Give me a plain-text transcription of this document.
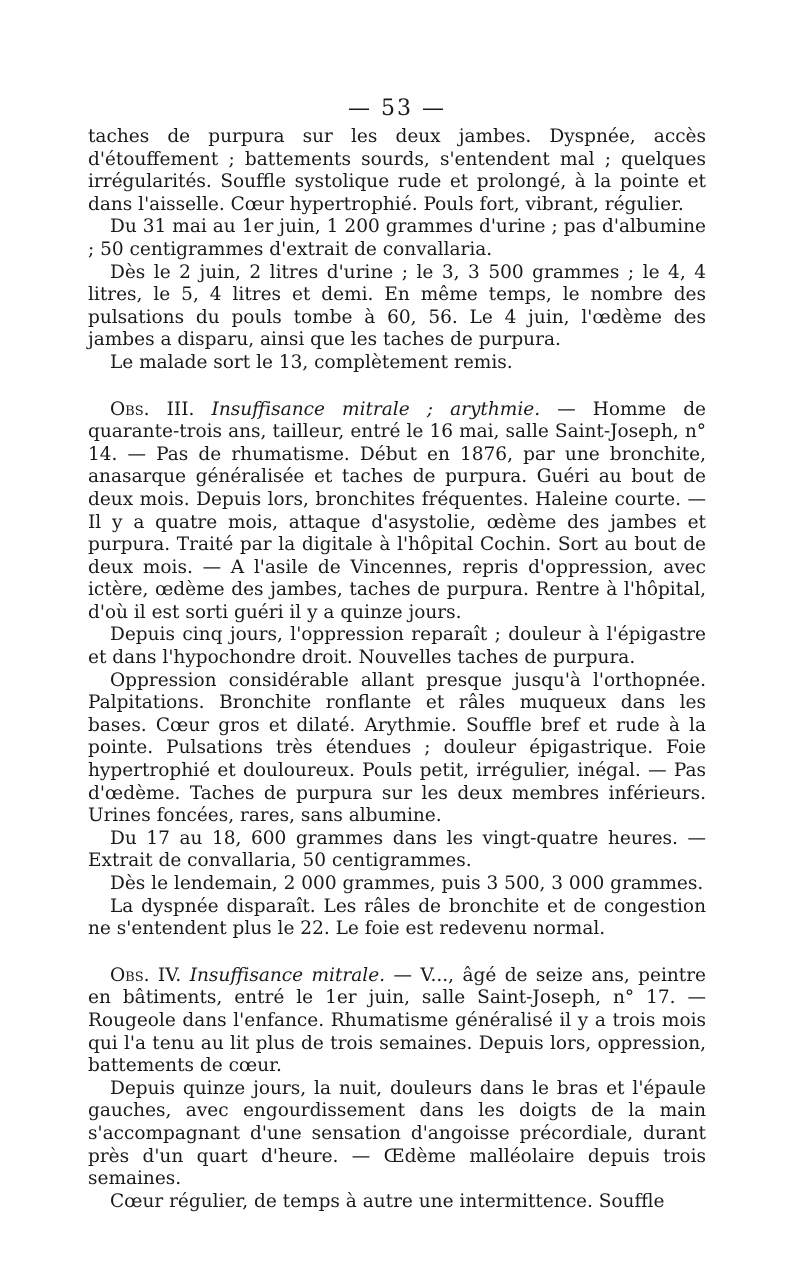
— 53 —

taches de purpura sur les deux jambes. Dyspnée, accès d'étouffement ; battements sourds, s'entendent mal ; quelques irrégularités. Souffle systolique rude et prolongé, à la pointe et dans l'aisselle. Cœur hypertrophié. Pouls fort, vibrant, régulier.

Du 31 mai au 1er juin, 1 200 grammes d'urine ; pas d'albumine ; 50 centigrammes d'extrait de convallaria.

Dès le 2 juin, 2 litres d'urine ; le 3, 3 500 grammes ; le 4, 4 litres, le 5, 4 litres et demi. En même temps, le nombre des pulsations du pouls tombe à 60, 56. Le 4 juin, l'œdème des jambes a disparu, ainsi que les taches de purpura.

Le malade sort le 13, complètement remis.

Obs. III. Insuffisance mitrale ; arythmie. — Homme de quarante-trois ans, tailleur, entré le 16 mai, salle Saint-Joseph, n° 14. — Pas de rhumatisme. Début en 1876, par une bronchite, anasarque généralisée et taches de purpura. Guéri au bout de deux mois. Depuis lors, bronchites fréquentes. Haleine courte. — Il y a quatre mois, attaque d'asystolie, œdème des jambes et purpura. Traité par la digitale à l'hôpital Cochin. Sort au bout de deux mois. — A l'asile de Vincennes, repris d'oppression, avec ictère, œdème des jambes, taches de purpura. Rentre à l'hôpital, d'où il est sorti guéri il y a quinze jours.

Depuis cinq jours, l'oppression reparaît ; douleur à l'épigastre et dans l'hypochondre droit. Nouvelles taches de purpura.

Oppression considérable allant presque jusqu'à l'orthopnée. Palpitations. Bronchite ronflante et râles muqueux dans les bases. Cœur gros et dilaté. Arythmie. Souffle bref et rude à la pointe. Pulsations très étendues ; douleur épigastrique. Foie hypertrophié et douloureux. Pouls petit, irrégulier, inégal. — Pas d'œdème. Taches de purpura sur les deux membres inférieurs. Urines foncées, rares, sans albumine.

Du 17 au 18, 600 grammes dans les vingt-quatre heures. — Extrait de convallaria, 50 centigrammes.

Dès le lendemain, 2 000 grammes, puis 3 500, 3 000 grammes.

La dyspnée disparaît. Les râles de bronchite et de congestion ne s'entendent plus le 22. Le foie est redevenu normal.

Obs. IV. Insuffisance mitrale. — V..., âgé de seize ans, peintre en bâtiments, entré le 1er juin, salle Saint-Joseph, n° 17. — Rougeole dans l'enfance. Rhumatisme généralisé il y a trois mois qui l'a tenu au lit plus de trois semaines. Depuis lors, oppression, battements de cœur.

Depuis quinze jours, la nuit, douleurs dans le bras et l'épaule gauches, avec engourdissement dans les doigts de la main s'accompagnant d'une sensation d'angoisse précordiale, durant près d'un quart d'heure. — Œdème malléolaire depuis trois semaines.

Cœur régulier, de temps à autre une intermittence. Souffle
